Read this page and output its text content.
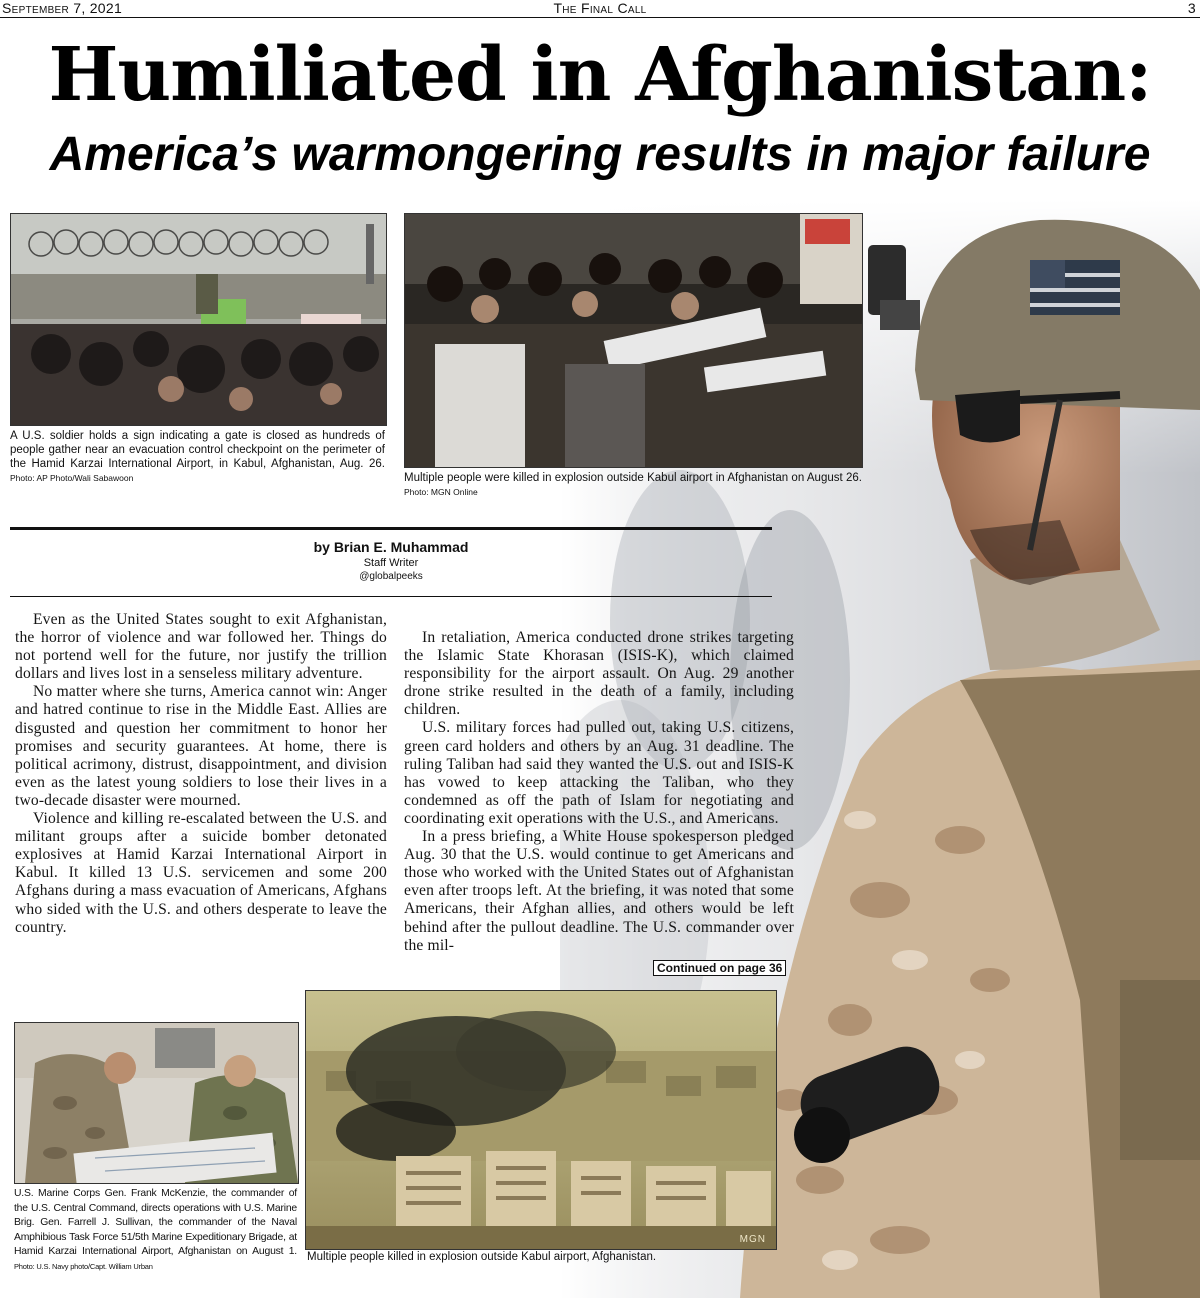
The Final Call
September 7, 2021	3
Humiliated in Afghanistan:
America’s warmongering results in major failure
A U.S. soldier holds a sign indicating a gate is closed as hundreds of people gather near an evacuation control checkpoint on the perimeter of the Hamid Karzai International Airport, in Kabul, Afghanistan, Aug. 26. Photo: AP Photo/Wali Sabawoon	Multiple people were killed in explosion outside Kabul airport in Afghanistan on August 26. Photo: MGN Online
by Brian E. Muhammad
Staff Writer
@globalpeeks

Even as the United States sought to exit Afghanistan, the horror of violence and war followed her. Things do not portend well for the future, nor justify the trillion dollars and lives lost in a senseless military adventure.

No matter where she turns, America cannot win: Anger and hatred continue to rise in the Middle East. Allies are disgusted and question her commitment to honor her promises and security guarantees. At home, there is political acrimony, distrust, disappointment, and division even as the latest young soldiers to lose their lives in a two-decade disaster were mourned.

Violence and killing re-escalated between the U.S. and militant groups after a suicide bomber detonated explosives at Hamid Karzai International Airport in Kabul. It killed 13 U.S. servicemen and some 200 Afghans during a mass evacuation of Americans, Afghans who sided with the U.S. and others desperate to leave the country.

In retaliation, America conducted drone strikes targeting the Islamic State Khorasan (ISIS-K), which claimed responsibility for the airport assault. On Aug. 29 another drone strike resulted in the death of a family, including children.

U.S. military forces had pulled out, taking U.S. citizens, green card holders and others by an Aug. 31 deadline. The ruling Taliban had said they wanted the U.S. out and ISIS-K has vowed to keep attacking the Taliban, who they condemned as off the path of Islam for negotiating and coordinating exit operations with the U.S., and Americans.

In a press briefing, a White House spokesperson pledged Aug. 30 that the U.S. would continue to get Americans and those who worked with the United States out of Afghanistan even after troops left. At the briefing, it was noted that some Americans, their Afghan allies, and others would be left behind after the pullout deadline. The U.S. commander over the mil-

Continued on page 36
U.S. Marine Corps Gen. Frank McKenzie, the commander of the U.S. Central Command, directs operations with U.S. Marine Brig. Gen. Farrell J. Sullivan, the commander of the Naval Amphibious Task Force 51/5th Marine Expeditionary Brigade, at Hamid Karzai International Airport, Afghanistan on August 1. Photo: U.S. Navy photo/Capt. William Urban
MGN
Multiple people killed in explosion outside Kabul airport, Afghanistan.
